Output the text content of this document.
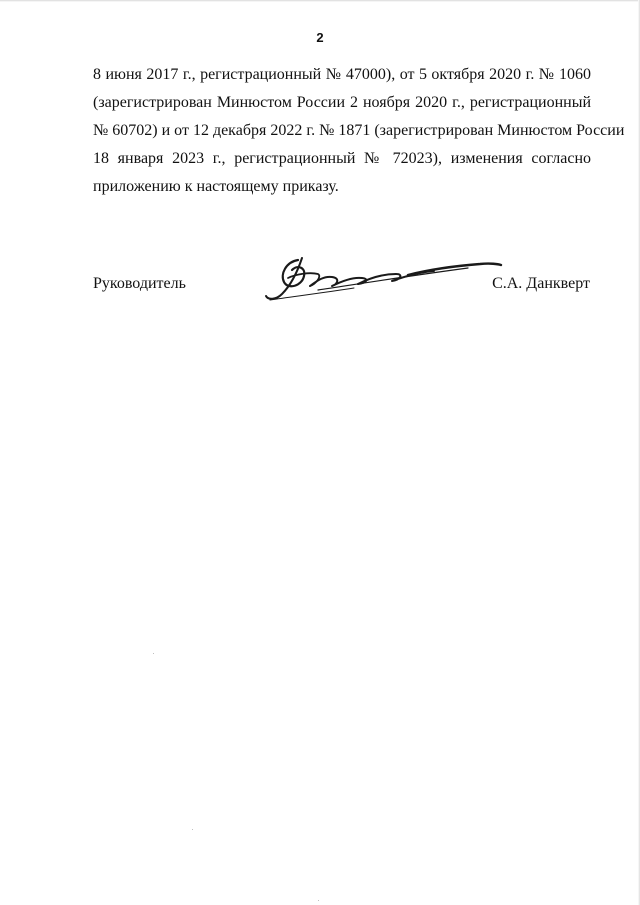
2
8 июня 2017 г., регистрационный № 47000), от 5 октября 2020 г. № 1060
(зарегистрирован Минюстом России 2 ноября 2020 г., регистрационный
№ 60702) и от 12 декабря 2022 г. № 1871 (зарегистрирован Минюстом России
18 января 2023 г., регистрационный № 72023), изменения согласно
приложению к настоящему приказу.
Руководитель	С.А. Данкверт
